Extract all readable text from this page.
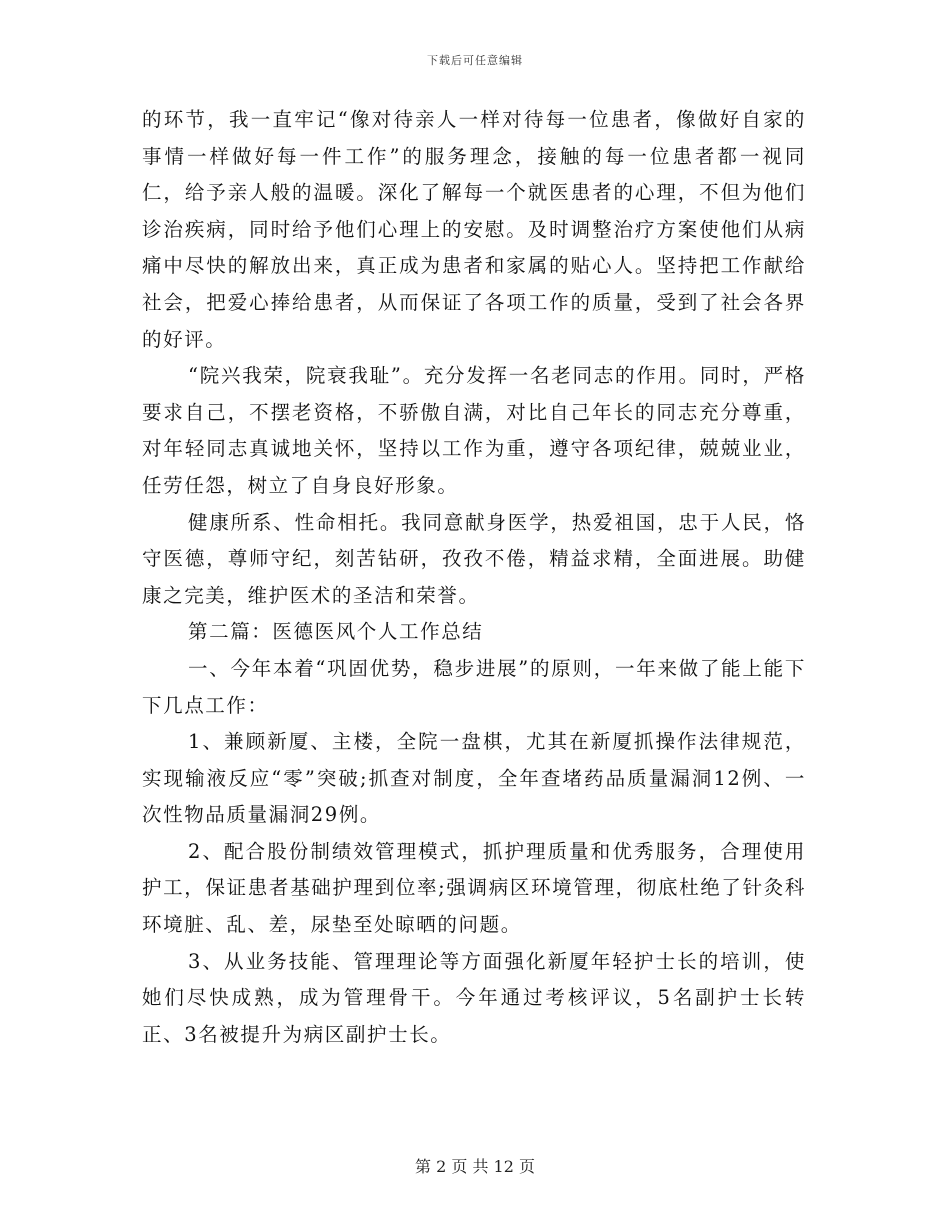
下载后可任意编辑

的环节，我一直牢记“像对待亲人一样对待每一位患者，像做好自家的事情一样做好每一件工作”的服务理念，接触的每一位患者都一视同仁，给予亲人般的温暖。深化了解每一个就医患者的心理，不但为他们诊治疾病，同时给予他们心理上的安慰。及时调整治疗方案使他们从病痛中尽快的解放出来，真正成为患者和家属的贴心人。坚持把工作献给社会，把爱心捧给患者，从而保证了各项工作的质量，受到了社会各界的好评。

“院兴我荣，院衰我耻”。充分发挥一名老同志的作用。同时，严格要求自己，不摆老资格，不骄傲自满，对比自己年长的同志充分尊重，对年轻同志真诚地关怀，坚持以工作为重，遵守各项纪律，兢兢业业，任劳任怨，树立了自身良好形象。

健康所系、性命相托。我同意献身医学，热爱祖国，忠于人民，恪守医德，尊师守纪，刻苦钻研，孜孜不倦，精益求精，全面进展。助健康之完美，维护医术的圣洁和荣誉。

第二篇：医德医风个人工作总结

一、今年本着“巩固优势，稳步进展”的原则，一年来做了能上能下下几点工作：

1、兼顾新厦、主楼，全院一盘棋，尤其在新厦抓操作法律规范，实现输液反应“零”突破;抓查对制度，全年查堵药品质量漏洞12例、一次性物品质量漏洞29例。

2、配合股份制绩效管理模式，抓护理质量和优秀服务，合理使用护工，保证患者基础护理到位率;强调病区环境管理，彻底杜绝了针灸科环境脏、乱、差，尿垫至处晾晒的问题。

3、从业务技能、管理理论等方面强化新厦年轻护士长的培训，使她们尽快成熟，成为管理骨干。今年通过考核评议，5名副护士长转正、3名被提升为病区副护士长。

第 2 页 共 12 页
